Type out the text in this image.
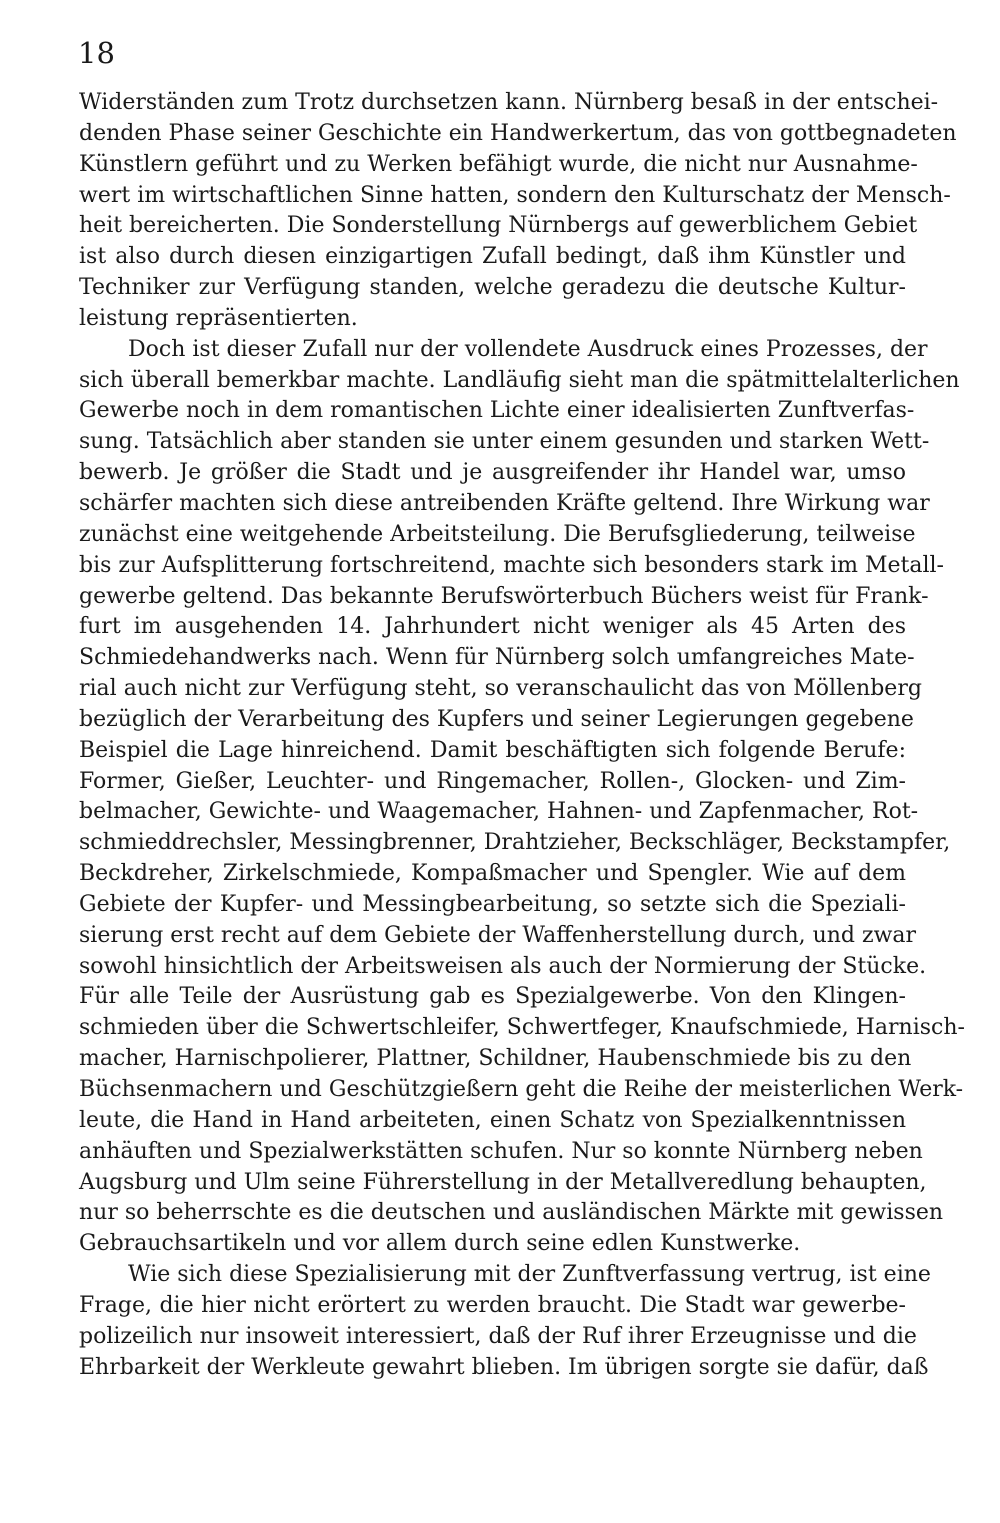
18
Widerständen zum Trotz durchsetzen kann. Nürnberg besaß in der entschei-
denden Phase seiner Geschichte ein Handwerkertum, das von gottbegnadeten
Künstlern geführt und zu Werken befähigt wurde, die nicht nur Ausnahme-
wert im wirtschaftlichen Sinne hatten, sondern den Kulturschatz der Mensch-
heit bereicherten. Die Sonderstellung Nürnbergs auf gewerblichem Gebiet
ist also durch diesen einzigartigen Zufall bedingt, daß ihm Künstler und
Techniker zur Verfügung standen, welche geradezu die deutsche Kultur-
leistung repräsentierten.
Doch ist dieser Zufall nur der vollendete Ausdruck eines Prozesses, der
sich überall bemerkbar machte. Landläufig sieht man die spätmittelalterlichen
Gewerbe noch in dem romantischen Lichte einer idealisierten Zunftverfas-
sung. Tatsächlich aber standen sie unter einem gesunden und starken Wett-
bewerb. Je größer die Stadt und je ausgreifender ihr Handel war, umso
schärfer machten sich diese antreibenden Kräfte geltend. Ihre Wirkung war
zunächst eine weitgehende Arbeitsteilung. Die Berufsgliederung, teilweise
bis zur Aufsplitterung fortschreitend, machte sich besonders stark im Metall-
gewerbe geltend. Das bekannte Berufswörterbuch Büchers weist für Frank-
furt im ausgehenden 14. Jahrhundert nicht weniger als 45 Arten des
Schmiedehandwerks nach. Wenn für Nürnberg solch umfangreiches Mate-
rial auch nicht zur Verfügung steht, so veranschaulicht das von Möllenberg
bezüglich der Verarbeitung des Kupfers und seiner Legierungen gegebene
Beispiel die Lage hinreichend. Damit beschäftigten sich folgende Berufe:
Former, Gießer, Leuchter- und Ringemacher, Rollen-, Glocken- und Zim-
belmacher, Gewichte- und Waagemacher, Hahnen- und Zapfenmacher, Rot-
schmieddrechsler, Messingbrenner, Drahtzieher, Beckschläger, Beckstampfer,
Beckdreher, Zirkelschmiede, Kompaßmacher und Spengler. Wie auf dem
Gebiete der Kupfer- und Messingbearbeitung, so setzte sich die Speziali-
sierung erst recht auf dem Gebiete der Waffenherstellung durch, und zwar
sowohl hinsichtlich der Arbeitsweisen als auch der Normierung der Stücke.
Für alle Teile der Ausrüstung gab es Spezialgewerbe. Von den Klingen-
schmieden über die Schwertschleifer, Schwertfeger, Knaufschmiede, Harnisch-
macher, Harnischpolierer, Plattner, Schildner, Haubenschmiede bis zu den
Büchsenmachern und Geschützgießern geht die Reihe der meisterlichen Werk-
leute, die Hand in Hand arbeiteten, einen Schatz von Spezialkenntnissen
anhäuften und Spezialwerkstätten schufen. Nur so konnte Nürnberg neben
Augsburg und Ulm seine Führerstellung in der Metallveredlung behaupten,
nur so beherrschte es die deutschen und ausländischen Märkte mit gewissen
Gebrauchsartikeln und vor allem durch seine edlen Kunstwerke.
Wie sich diese Spezialisierung mit der Zunftverfassung vertrug, ist eine
Frage, die hier nicht erörtert zu werden braucht. Die Stadt war gewerbe-
polizeilich nur insoweit interessiert, daß der Ruf ihrer Erzeugnisse und die
Ehrbarkeit der Werkleute gewahrt blieben. Im übrigen sorgte sie dafür, daß
